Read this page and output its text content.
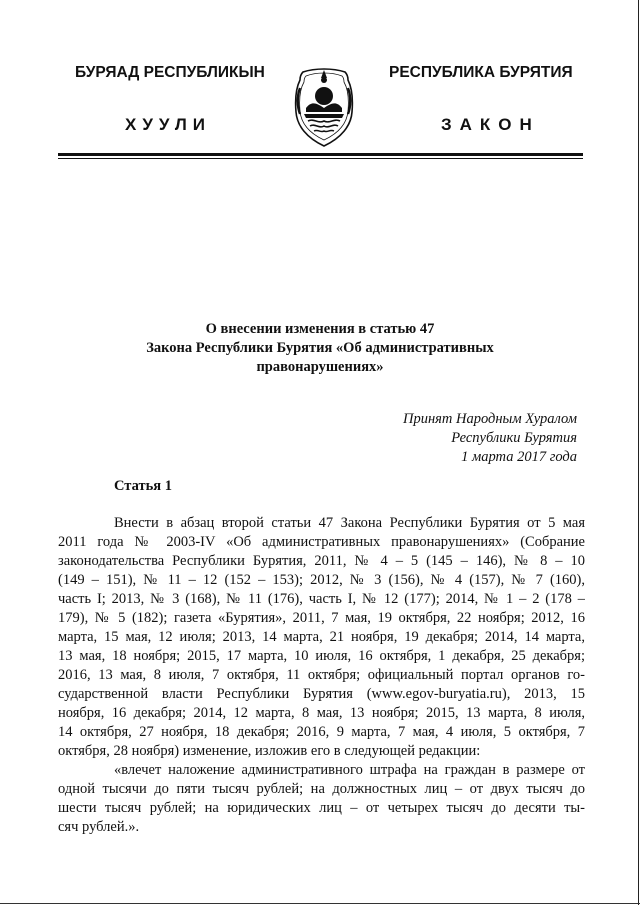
БУРЯАД РЕСПУБЛИКЫН	РЕСПУБЛИКА БУРЯТИЯ
ХУУЛИ	ЗАКОН
О внесении изменения в статью 47
Закона Республики Бурятия «Об административных
правонарушениях»
Принят Народным Хуралом
Республики Бурятия
1 марта 2017 года
Статья 1
Внести в абзац второй статьи 47 Закона Республики Бурятия от 5 мая
2011 года № 2003-IV «Об административных правонарушениях» (Собрание
законодательства Республики Бурятия, 2011, № 4 – 5 (145 – 146), № 8 – 10
(149 – 151), № 11 – 12 (152 – 153); 2012, № 3 (156), № 4 (157), № 7 (160),
часть I; 2013, № 3 (168), № 11 (176), часть I, № 12 (177); 2014, № 1 – 2 (178 –
179), № 5 (182); газета «Бурятия», 2011, 7 мая, 19 октября, 22 ноября; 2012, 16
марта, 15 мая, 12 июля; 2013, 14 марта, 21 ноября, 19 декабря; 2014, 14 марта,
13 мая, 18 ноября; 2015, 17 марта, 10 июля, 16 октября, 1 декабря, 25 декабря;
2016, 13 мая, 8 июля, 7 октября, 11 октября; официальный портал органов го-
сударственной власти Республики Бурятия (www.egov-buryatia.ru), 2013, 15
ноября, 16 декабря; 2014, 12 марта, 8 мая, 13 ноября; 2015, 13 марта, 8 июля,
14 октября, 27 ноября, 18 декабря; 2016, 9 марта, 7 мая, 4 июля, 5 октября, 7
октября, 28 ноября) изменение, изложив его в следующей редакции:
«влечет наложение административного штрафа на граждан в размере от
одной тысячи до пяти тысяч рублей; на должностных лиц – от двух тысяч до
шести тысяч рублей; на юридических лиц – от четырех тысяч до десяти ты-
сяч рублей.».
